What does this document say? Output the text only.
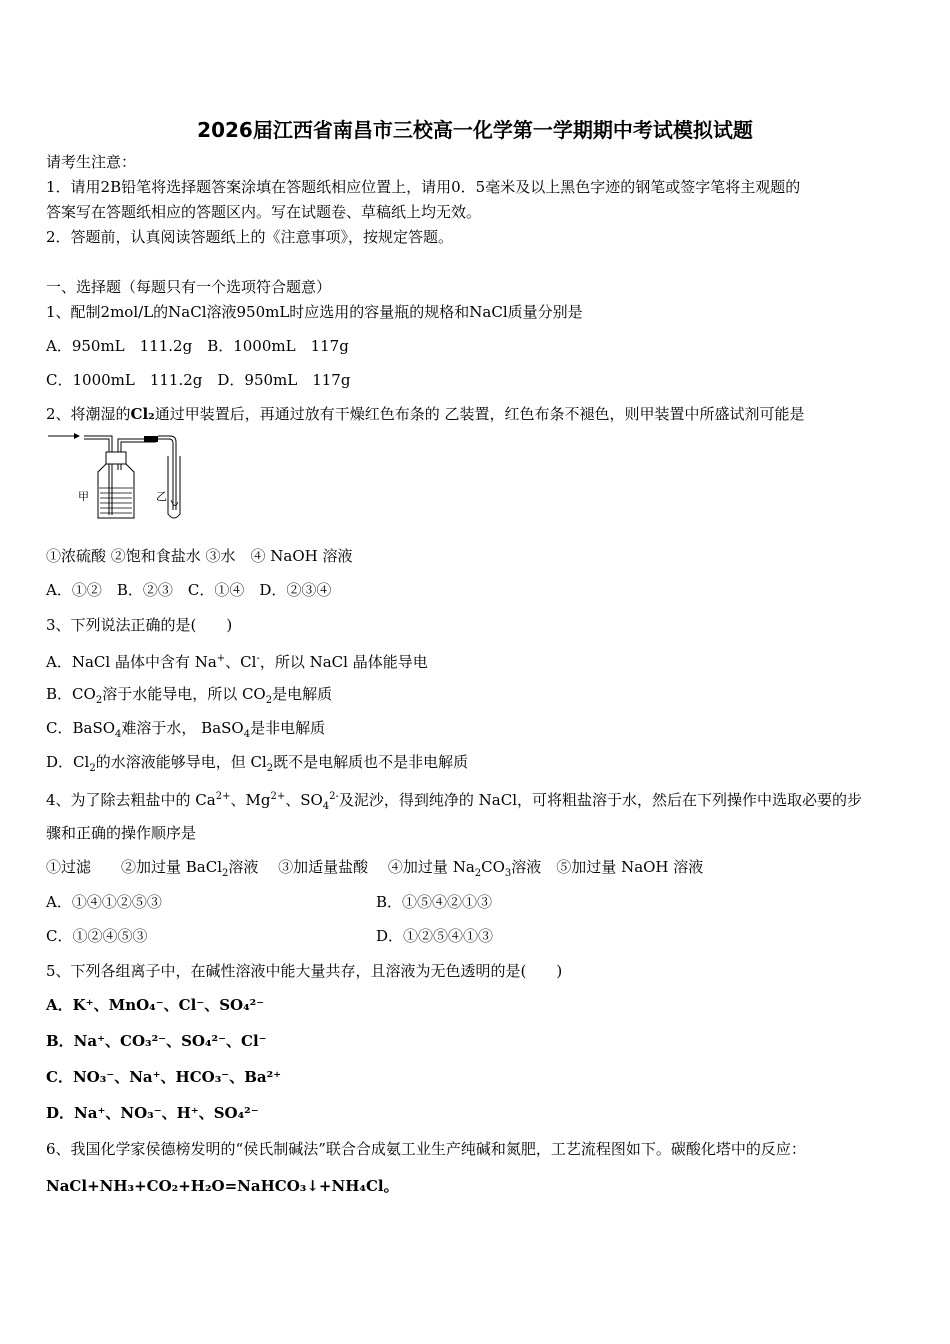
2026届江西省南昌市三校高一化学第一学期期中考试模拟试题
请考生注意：
1．请用2B铅笔将选择题答案涂填在答题纸相应位置上，请用0．5毫米及以上黑色字迹的钢笔或签字笔将主观题的
答案写在答题纸相应的答题区内。写在试题卷、草稿纸上均无效。
2．答题前，认真阅读答题纸上的《注意事项》，按规定答题。
一、选择题（每题只有一个选项符合题意）
1、配制2mol/L的NaCl溶液950mL时应选用的容量瓶的规格和NaCl质量分别是
A．950mL　111.2g　B．1000mL　117g
C．1000mL　111.2g　D．950mL　117g
2、将潮湿的Cl₂通过甲装置后，再通过放有干燥红色布条的 乙装置，红色布条不褪色，则甲装置中所盛试剂可能是
甲	乙
①浓硫酸 ②饱和食盐水 ③水　④ NaOH 溶液
A．①②　B．②③　C．①④　D．②③④
3、下列说法正确的是(　　)
A．NaCl 晶体中含有 Na+、Cl-，所以 NaCl 晶体能导电
B．$CO_2$溶于水能导电，所以 $CO_2$是电解质
C．BaSO$_4$难溶于水， BaSO$_4$是非电解质
D．$Cl_2$的水溶液能够导电，但 $Cl_2$既不是电解质也不是非电解质
4、为了除去粗盐中的 $Ca^{2+}$、$Mg^{2+}$、$SO_4^{2-}$及泥沙，得到纯净的 NaCl，可将粗盐溶于水，然后在下列操作中选取必要的步
骤和正确的操作顺序是
①过滤　　②加过量 BaCl$_2$溶液　 ③加适量盐酸　 ④加过量 $Na_2CO_3$溶液　⑤加过量 NaOH 溶液
A．①④①②⑤③	B．①⑤④②①③
C．①②④⑤③	D．①②⑤④①③
5、下列各组离子中，在碱性溶液中能大量共存，且溶液为无色透明的是(　　)
A．K⁺、MnO₄⁻、Cl⁻、SO₄²⁻
B．Na⁺、CO₃²⁻、SO₄²⁻、Cl⁻
C．NO₃⁻、Na⁺、HCO₃⁻、Ba²⁺
D．Na⁺、NO₃⁻、H⁺、SO₄²⁻
6、我国化学家侯德榜发明的“侯氏制碱法”联合合成氨工业生产纯碱和氮肥，工艺流程图如下。碳酸化塔中的反应：
NaCl+NH₃+CO₂+H₂O=NaHCO₃↓+NH₄Cl。
